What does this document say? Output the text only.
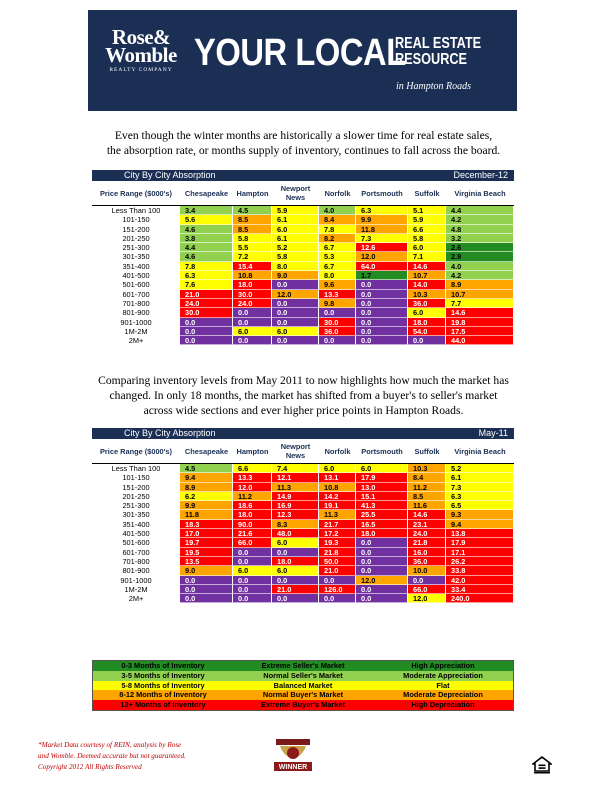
Rose&
Womble
REALTY COMPANY YOUR LOCAL
REAL ESTATE
RESOURCE
in Hampton Roads
Even though the winter months are historically a slower time for real estate sales,
the absorption rate, or months supply of inventory, continues to fall across the board.
City By City Absorption	December-12
Price Range ($000's)	Chesapeake	Hampton	Newport News	Norfolk	Portsmouth	Suffolk	Virginia Beach
Less Than 100	3.4	4.5	5.9	4.0	6.3	5.1	4.4
101-150	5.6	8.5	6.1	8.4	9.9	5.9	4.2
151-200	4.6	8.5	6.0	7.8	11.8	6.6	4.8
201-250	3.8	5.8	6.1	8.2	7.3	5.8	3.2
251-300	4.4	5.5	5.2	6.7	12.6	6.0	2.6
301-350	4.6	7.2	5.8	5.3	12.0	7.1	2.9
351-400	7.8	15.4	8.0	6.7	64.0	14.6	4.0
401-500	6.3	10.8	9.0	8.0	1.7	10.7	4.2
501-600	7.6	18.0	0.0	9.6	0.0	14.0	8.9
601-700	21.0	30.0	12.0	13.3	0.0	10.3	10.7
701-800	24.0	24.0	0.0	9.8	0.0	36.0	7.7
801-900	30.0	0.0	0.0	0.0	0.0	6.0	14.6
901-1000	0.0	0.0	0.0	30.0	0.0	18.0	19.8
1M-2M	0.0	6.0	6.0	36.0	0.0	54.0	17.5
2M+	0.0	0.0	0.0	0.0	0.0	0.0	44.0
Comparing inventory levels from May 2011 to now highlights how much the market has
changed. In only 18 months, the market has shifted from a buyer's to seller's market
across wide sections and ever higher price points in Hampton Roads.
City By City Absorption	May-11
Price Range ($000's)	Chesapeake	Hampton	Newport News	Norfolk	Portsmouth	Suffolk	Virginia Beach
Less Than 100	4.5	6.6	7.4	6.0	6.0	10.3	5.2
101-150	9.4	13.3	12.1	13.1	17.9	8.4	6.1
151-200	8.9	12.0	11.3	10.8	13.0	11.2	7.3
201-250	6.2	11.2	14.9	14.2	15.1	8.5	6.3
251-300	9.9	18.6	16.9	19.1	41.3	11.6	6.5
301-350	11.8	18.0	12.3	11.3	25.5	14.6	9.3
351-400	18.3	90.0	8.3	21.7	16.5	23.1	9.4
401-500	17.0	21.6	48.0	17.2	18.0	24.0	13.8
501-600	19.7	66.0	6.0	19.3	0.0	21.8	17.9
601-700	19.5	0.0	0.0	21.8	0.0	16.0	17.1
701-800	13.5	0.0	18.0	50.0	0.0	36.0	26.2
801-900	9.0	6.0	6.0	21.0	0.0	10.0	33.8
901-1000	0.0	0.0	0.0	0.0	12.0	0.0	42.0
1M-2M	0.0	0.0	21.0	126.0	0.0	66.0	33.4
2M+	0.0	0.0	0.0	0.0	0.0	12.0	240.0
0-3 Months of Inventory	Extreme Seller's Market	High Appreciation
3-5 Months of Inventory	Normal Seller's Market	Moderate Appreciation
5-8 Months of Inventory	Balanced Market	Flat
8-12 Months of Inventory	Normal Buyer's Market	Moderate Depreciation
12+ Months of Inventory	Extreme Buyer's Market	High Depreciation
*Market Data courtesy of REIN, analysis by Rose
and Womble. Deemed accurate but not guaranteed.
Copyright 2012 All Rights Reserved	WINNER
